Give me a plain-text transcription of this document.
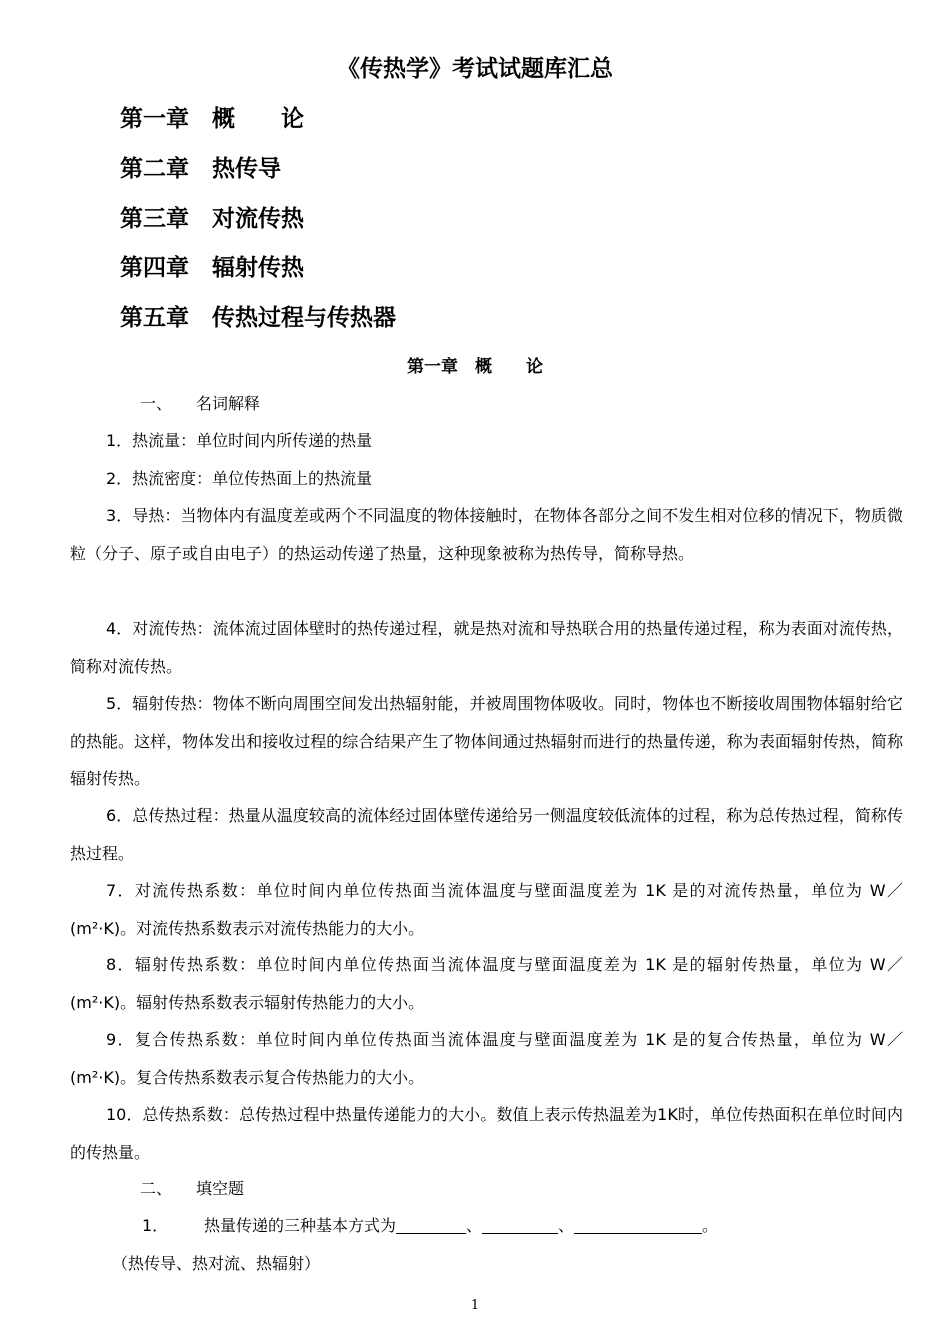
《传热学》考试试题库汇总
第一章　概　　论
第二章　热传导
第三章　对流传热
第四章　辐射传热
第五章　传热过程与传热器
第一章　概　　论
一、　　名词解释

1．热流量：单位时间内所传递的热量

2．热流密度：单位传热面上的热流量

3．导热：当物体内有温度差或两个不同温度的物体接触时，在物体各部分之间不发生相对位移的情况下，物质微粒（分子、原子或自由电子）的热运动传递了热量，这种现象被称为热传导，简称导热。

4．对流传热：流体流过固体壁时的热传递过程，就是热对流和导热联合用的热量传递过程，称为表面对流传热，简称对流传热。

5．辐射传热：物体不断向周围空间发出热辐射能，并被周围物体吸收。同时，物体也不断接收周围物体辐射给它的热能。这样，物体发出和接收过程的综合结果产生了物体间通过热辐射而进行的热量传递，称为表面辐射传热，简称辐射传热。

6．总传热过程：热量从温度较高的流体经过固体壁传递给另一侧温度较低流体的过程，称为总传热过程，简称传热过程。

7．对流传热系数：单位时间内单位传热面当流体温度与壁面温度差为 1K 是的对流传热量，单位为 W／(m²·K)。对流传热系数表示对流传热能力的大小。

8．辐射传热系数：单位时间内单位传热面当流体温度与壁面温度差为 1K 是的辐射传热量，单位为 W／(m²·K)。辐射传热系数表示辐射传热能力的大小。

9．复合传热系数：单位时间内单位传热面当流体温度与壁面温度差为 1K 是的复合传热量，单位为 W／(m²·K)。复合传热系数表示复合传热能力的大小。

10．总传热系数：总传热过程中热量传递能力的大小。数值上表示传热温差为1K时，单位传热面积在单位时间内的传热量。

二、　　填空题
1． 热量传递的三种基本方式为	、	、	。
（热传导、热对流、热辐射）
1
